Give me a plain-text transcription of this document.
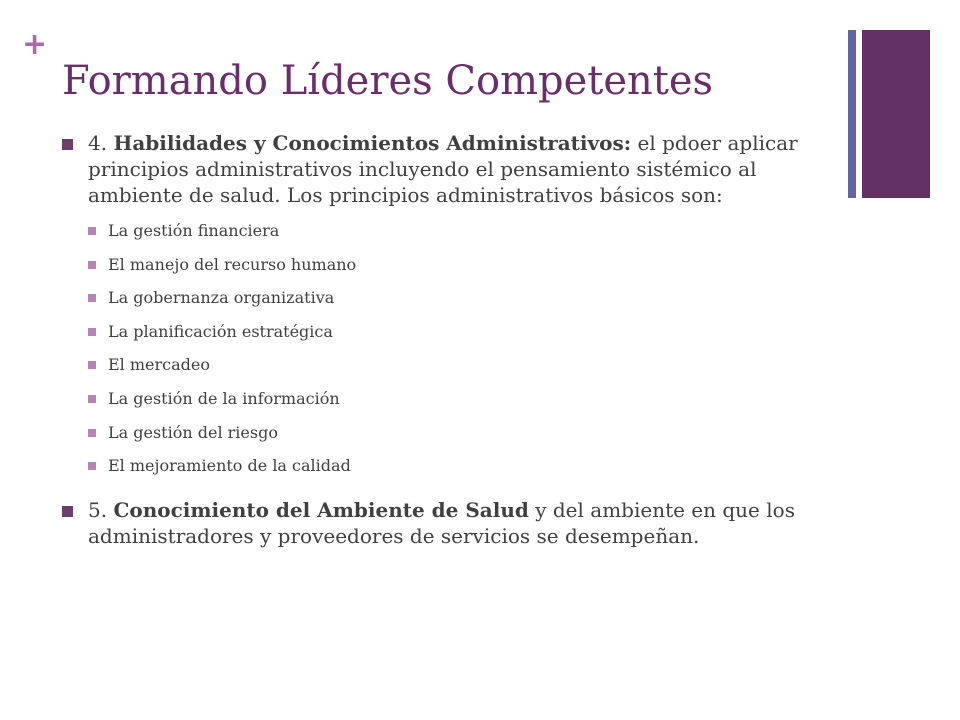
+
Formando Líderes Competentes
4. Habilidades y Conocimientos Administrativos: el pdoer aplicar principios administrativos incluyendo el pensamiento sistémico al ambiente de salud. Los principios administrativos básicos son:
La gestión financiera
El manejo del recurso humano
La gobernanza organizativa
La planificación estratégica
El mercadeo
La gestión de la información
La gestión del riesgo
El mejoramiento de la calidad
5. Conocimiento del Ambiente de Salud y del ambiente en que los administradores y proveedores de servicios se desempeñan.
